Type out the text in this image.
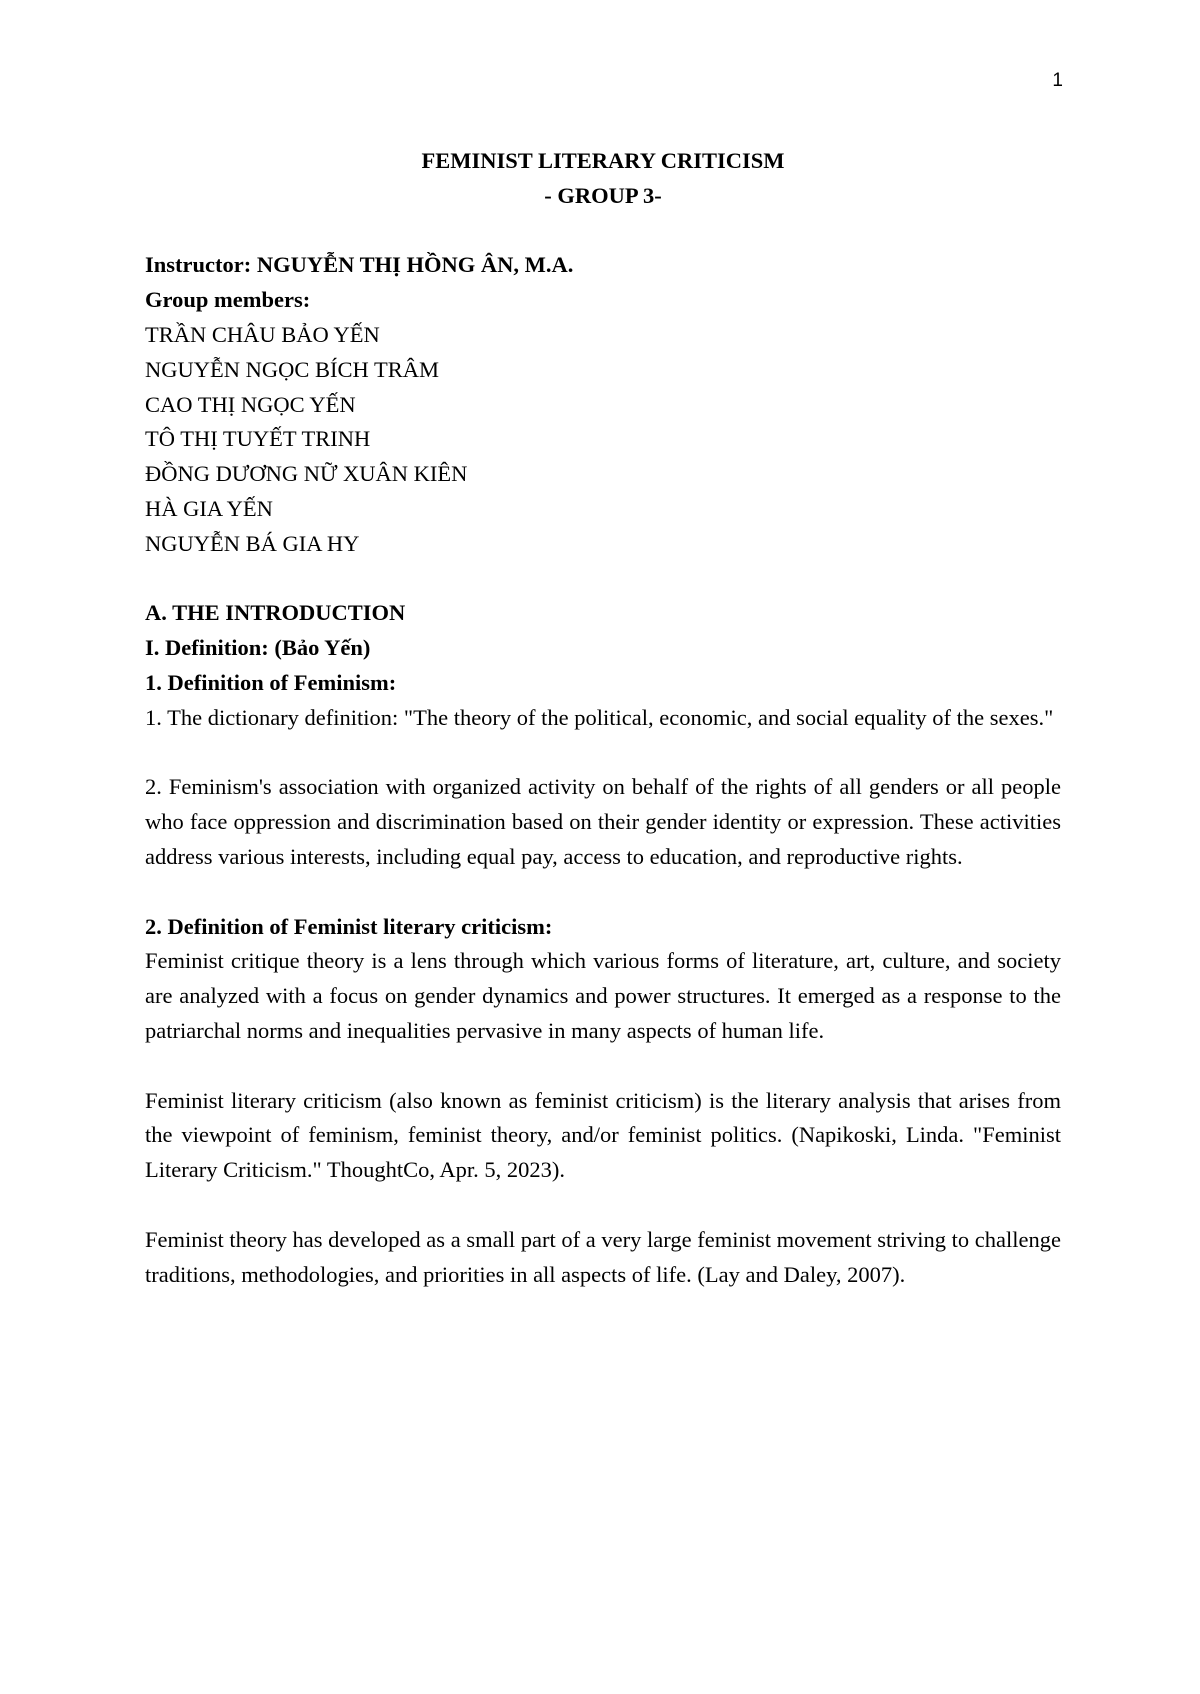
1

FEMINIST LITERARY CRITICISM

- GROUP 3-

Instructor: NGUYỄN THỊ HỒNG ÂN, M.A.

Group members:

TRẦN CHÂU BẢO YẾN

NGUYỄN NGỌC BÍCH TRÂM

CAO THỊ NGỌC YẾN

TÔ THỊ TUYẾT TRINH

ĐỒNG DƯƠNG NỮ XUÂN KIÊN

HÀ GIA YẾN

NGUYỄN BÁ GIA HY

A. THE INTRODUCTION

I. Definition: (Bảo Yến)

1. Definition of Feminism:

1. The dictionary definition: "The theory of the political, economic, and social equality of the sexes."

2. Feminism's association with organized activity on behalf of the rights of all genders or all people who face oppression and discrimination based on their gender identity or expression. These activities address various interests, including equal pay, access to education, and reproductive rights.

2. Definition of Feminist literary criticism:

Feminist critique theory is a lens through which various forms of literature, art, culture, and society are analyzed with a focus on gender dynamics and power structures. It emerged as a response to the patriarchal norms and inequalities pervasive in many aspects of human life.

Feminist literary criticism (also known as feminist criticism) is the literary analysis that arises from the viewpoint of feminism, feminist theory, and/or feminist politics. (Napikoski, Linda. "Feminist Literary Criticism." ThoughtCo, Apr. 5, 2023).

Feminist theory has developed as a small part of a very large feminist movement striving to challenge traditions, methodologies, and priorities in all aspects of life. (Lay and Daley, 2007).
